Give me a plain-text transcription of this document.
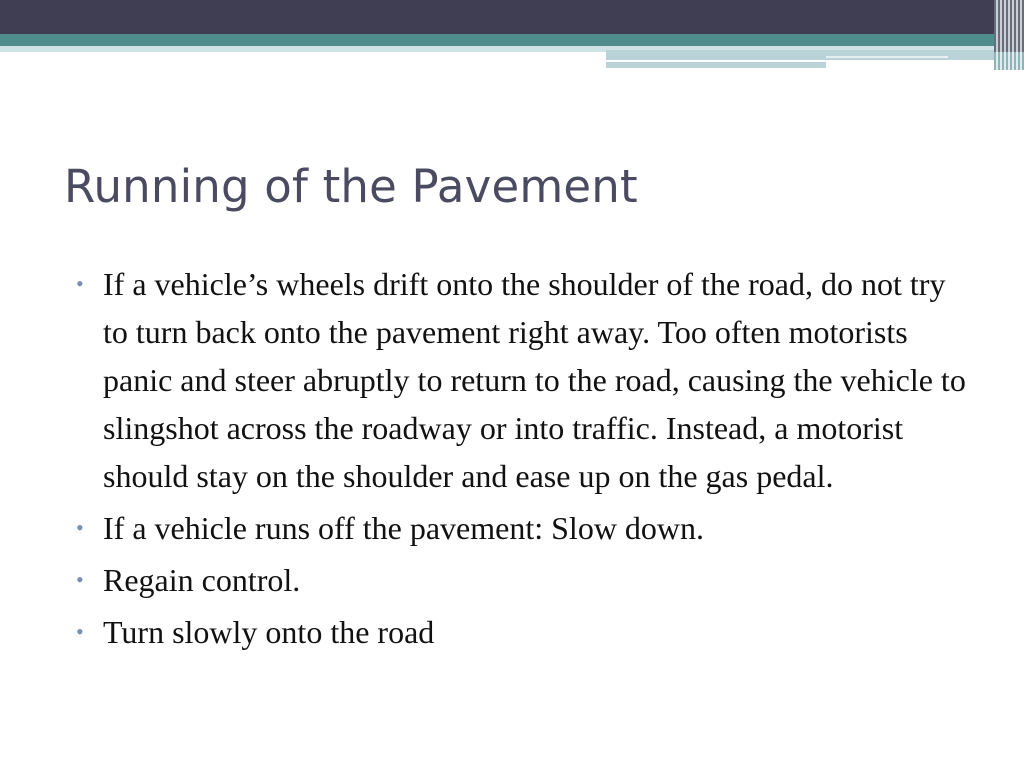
Running of the Pavement
• If a vehicle’s wheels drift onto the shoulder of the road, do not try to turn back onto the pavement right away. Too often motorists panic and steer abruptly to return to the road, causing the vehicle to slingshot across the roadway or into traffic. Instead, a motorist should stay on the shoulder and ease up on the gas pedal.
• If a vehicle runs off the pavement: Slow down.
• Regain control.
• Turn slowly onto the road
